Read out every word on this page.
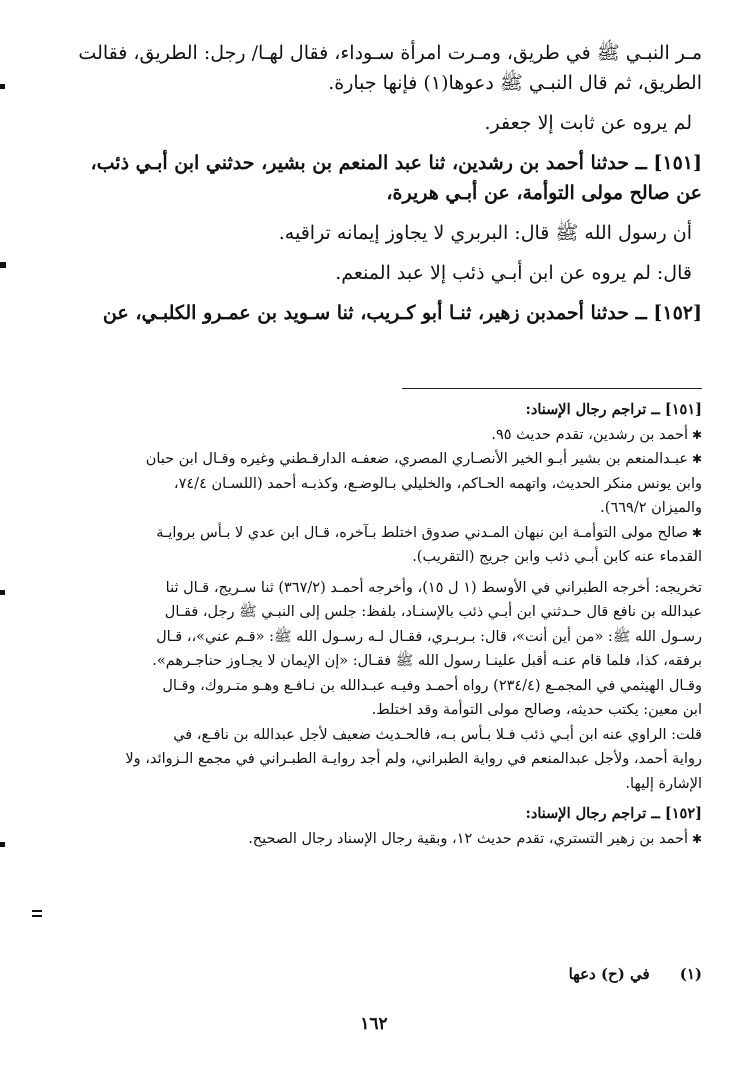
مـر النبـي ﷺ في طريق، ومـرت امرأة سـوداء، فقال لهـا/ رجل: الطريق، فقالت
الطريق، ثم قال النبـي ﷺ دعوها(١) فإنها جبارة.
لم يروه عن ثابت إلا جعفر.
[١٥١] ــ حدثنا أحمد بن رشدين، ثنا عبد المنعم بن بشير، حدثني ابن أبـي ذئب،
عن صالح مولى التوأمة، عن أبـي هريرة،
أن رسول الله ﷺ قال: البربري لا يجاوز إيمانه تراقيه.
قال: لم يروه عن ابن أبـي ذئب إلا عبد المنعم.
[١٥٢] ــ حدثنا أحمدبن زهير، ثنـا أبو كـريب، ثنا سـويد بن عمـرو الكلبـي، عن
[١٥١] ــ تراجم رجال الإسناد:
✱أحمد بن رشدين، تقدم حديث ٩٥.
✱عبـدالمنعم بن بشير أبـو الخير الأنصـاري المصري، ضعفـه الدارقـطني وغيره وقـال ابن حبان
وابن يونس منكر الحديث، واتهمه الحـاكم، والخليلي بـالوضـع، وكذبـه أحمد (اللسـان ٧٤/٤،
والميزان ٦٦٩/٢).
✱صالح مولى التوأمـة ابن نبهان المـدني صدوق اختلط بـآخره، قـال ابن عدي لا بـأس بروايـة
القدماء عنه كابن أبـي ذئب وابن جريج (التقريب).
تخريجه: أخرجه الطبراني في الأوسط (١ ل ١٥)، وأخرجه أحمـد (٣٦٧/٢) ثنا سـريج، قـال ثنا
عبدالله بن نافع قال حـدثني ابن أبـي ذئب بالإسنـاد، بلفظ: جلس إلى النبـي ﷺ رجل، فقـال
رسـول الله ﷺ: «من أين أنت»، قال: بـربـري، فقـال لـه رسـول الله ﷺ: «قـم عني»،، قـال
برفقه، كذا، فلما قام عنـه أقبل علينـا رسول الله ﷺ فقـال: «إن الإيمان لا يجـاوز حناجـرهم».
وقـال الهيثمي في المجمـع (٢٣٤/٤) رواه أحمـد وفيـه عبـدالله بن نـافـع وهـو متـروك، وقـال
ابن معين: يكتب حديثه، وصالح مولى التوأمة وقد اختلط.
قلت: الراوي عنه ابن أبـي ذئب فـلا بـأس بـه، فالحـديث ضعيف لأجل عبدالله بن نافـع، في
رواية أحمد، ولأجل عبدالمنعم في رواية الطبراني، ولم أجد روايـة الطبـراني في مجمع الـزوائد، ولا
الإشارة إليها.
[١٥٢] ــ تراجم رجال الإسناد:
✱أحمد بن زهير التستري، تقدم حديث ١٢، وبقية رجال الإسناد رجال الصحيح.
(١)في (ح) دعها
١٦٢
